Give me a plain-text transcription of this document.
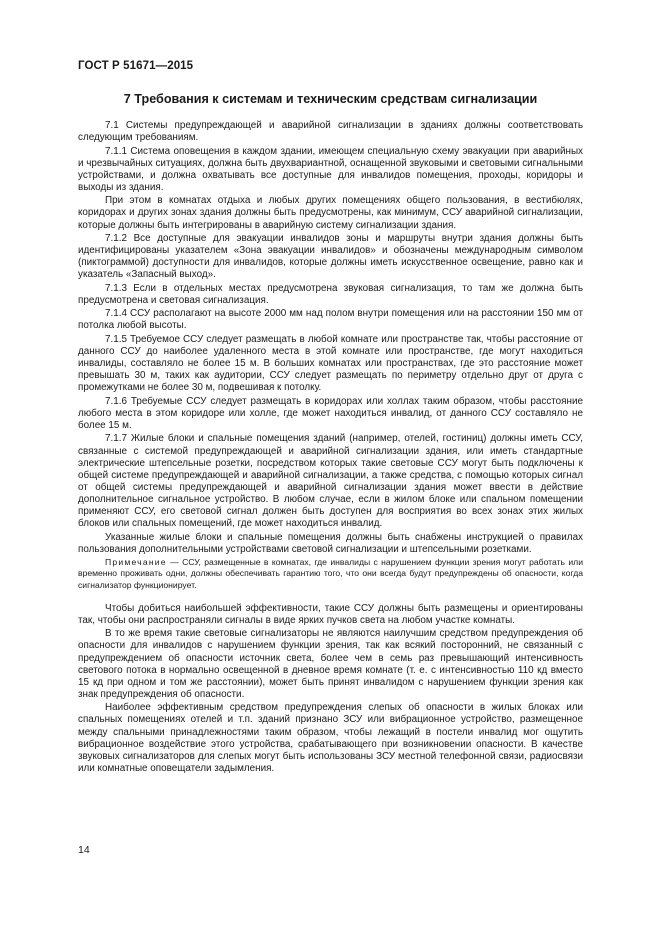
ГОСТ Р 51671—2015
7 Требования к системам и техническим средствам сигнализации

7.1 Системы предупреждающей и аварийной сигнализации в зданиях должны соответствовать следующим требованиям.

7.1.1 Система оповещения в каждом здании, имеющем специальную схему эвакуации при аварийных и чрезвычайных ситуациях, должна быть двухвариантной, оснащенной звуковыми и световыми сигнальными устройствами, и должна охватывать все доступные для инвалидов помещения, проходы, коридоры и выходы из здания.

При этом в комнатах отдыха и любых других помещениях общего пользования, в вестибюлях, коридорах и других зонах здания должны быть предусмотрены, как минимум, ССУ аварийной сигнализации, которые должны быть интегрированы в аварийную систему сигнализации здания.

7.1.2 Все доступные для эвакуации инвалидов зоны и маршруты внутри здания должны быть идентифицированы указателем «Зона эвакуации инвалидов» и обозначены международным символом (пиктограммой) доступности для инвалидов, которые должны иметь искусственное освещение, равно как и указатель «Запасный выход».

7.1.3 Если в отдельных местах предусмотрена звуковая сигнализация, то там же должна быть предусмотрена и световая сигнализация.

7.1.4 ССУ располагают на высоте 2000 мм над полом внутри помещения или на расстоянии 150 мм от потолка любой высоты.

7.1.5 Требуемое ССУ следует размещать в любой комнате или пространстве так, чтобы расстояние от данного ССУ до наиболее удаленного места в этой комнате или пространстве, где могут находиться инвалиды, составляло не более 15 м. В больших комнатах или пространствах, где это расстояние может превышать 30 м, таких как аудитории, ССУ следует размещать по периметру отдельно друг от друга с промежутками не более 30 м, подвешивая к потолку.

7.1.6 Требуемые ССУ следует размещать в коридорах или холлах таким образом, чтобы расстояние любого места в этом коридоре или холле, где может находиться инвалид, от данного ССУ составляло не более 15 м.

7.1.7 Жилые блоки и спальные помещения зданий (например, отелей, гостиниц) должны иметь ССУ, связанные с системой предупреждающей и аварийной сигнализации здания, или иметь стандартные электрические штепсельные розетки, посредством которых такие световые ССУ могут быть подключены к общей системе предупреждающей и аварийной сигнализации, а также средства, с помощью которых сигнал от общей системы предупреждающей и аварийной сигнализации здания может ввести в действие дополнительное сигнальное устройство. В любом случае, если в жилом блоке или спальном помещении применяют ССУ, его световой сигнал должен быть доступен для восприятия во всех зонах этих жилых блоков или спальных помещений, где может находиться инвалид.

Указанные жилые блоки и спальные помещения должны быть снабжены инструкцией о правилах пользования дополнительными устройствами световой сигнализации и штепсельными розетками.

Примечание — ССУ, размещенные в комнатах, где инвалиды с нарушением функции зрения могут работать или временно проживать одни, должны обеспечивать гарантию того, что они всегда будут предупреждены об опасности, когда сигнализатор функционирует.

Чтобы добиться наибольшей эффективности, такие ССУ должны быть размещены и ориентированы так, чтобы они распространяли сигналы в виде ярких пучков света на любом участке комнаты.

В то же время такие световые сигнализаторы не являются наилучшим средством предупреждения об опасности для инвалидов с нарушением функции зрения, так как всякий посторонний, не связанный с предупреждением об опасности источник света, более чем в семь раз превышающий интенсивность светового потока в нормально освещенной в дневное время комнате (т. е. с интенсивностью 110 кд вместо 15 кд при одном и том же расстоянии), может быть принят инвалидом с нарушением функции зрения как знак предупреждения об опасности.

Наиболее эффективным средством предупреждения слепых об опасности в жилых блоках или спальных помещениях отелей и т.п. зданий признано ЗСУ или вибрационное устройство, размещенное между спальными принадлежностями таким образом, чтобы лежащий в постели инвалид мог ощутить вибрационное воздействие этого устройства, срабатывающего при возникновении опасности. В качестве звуковых сигнализаторов для слепых могут быть использованы ЗСУ местной телефонной связи, радиосвязи или комнатные оповещатели задымления.

14
